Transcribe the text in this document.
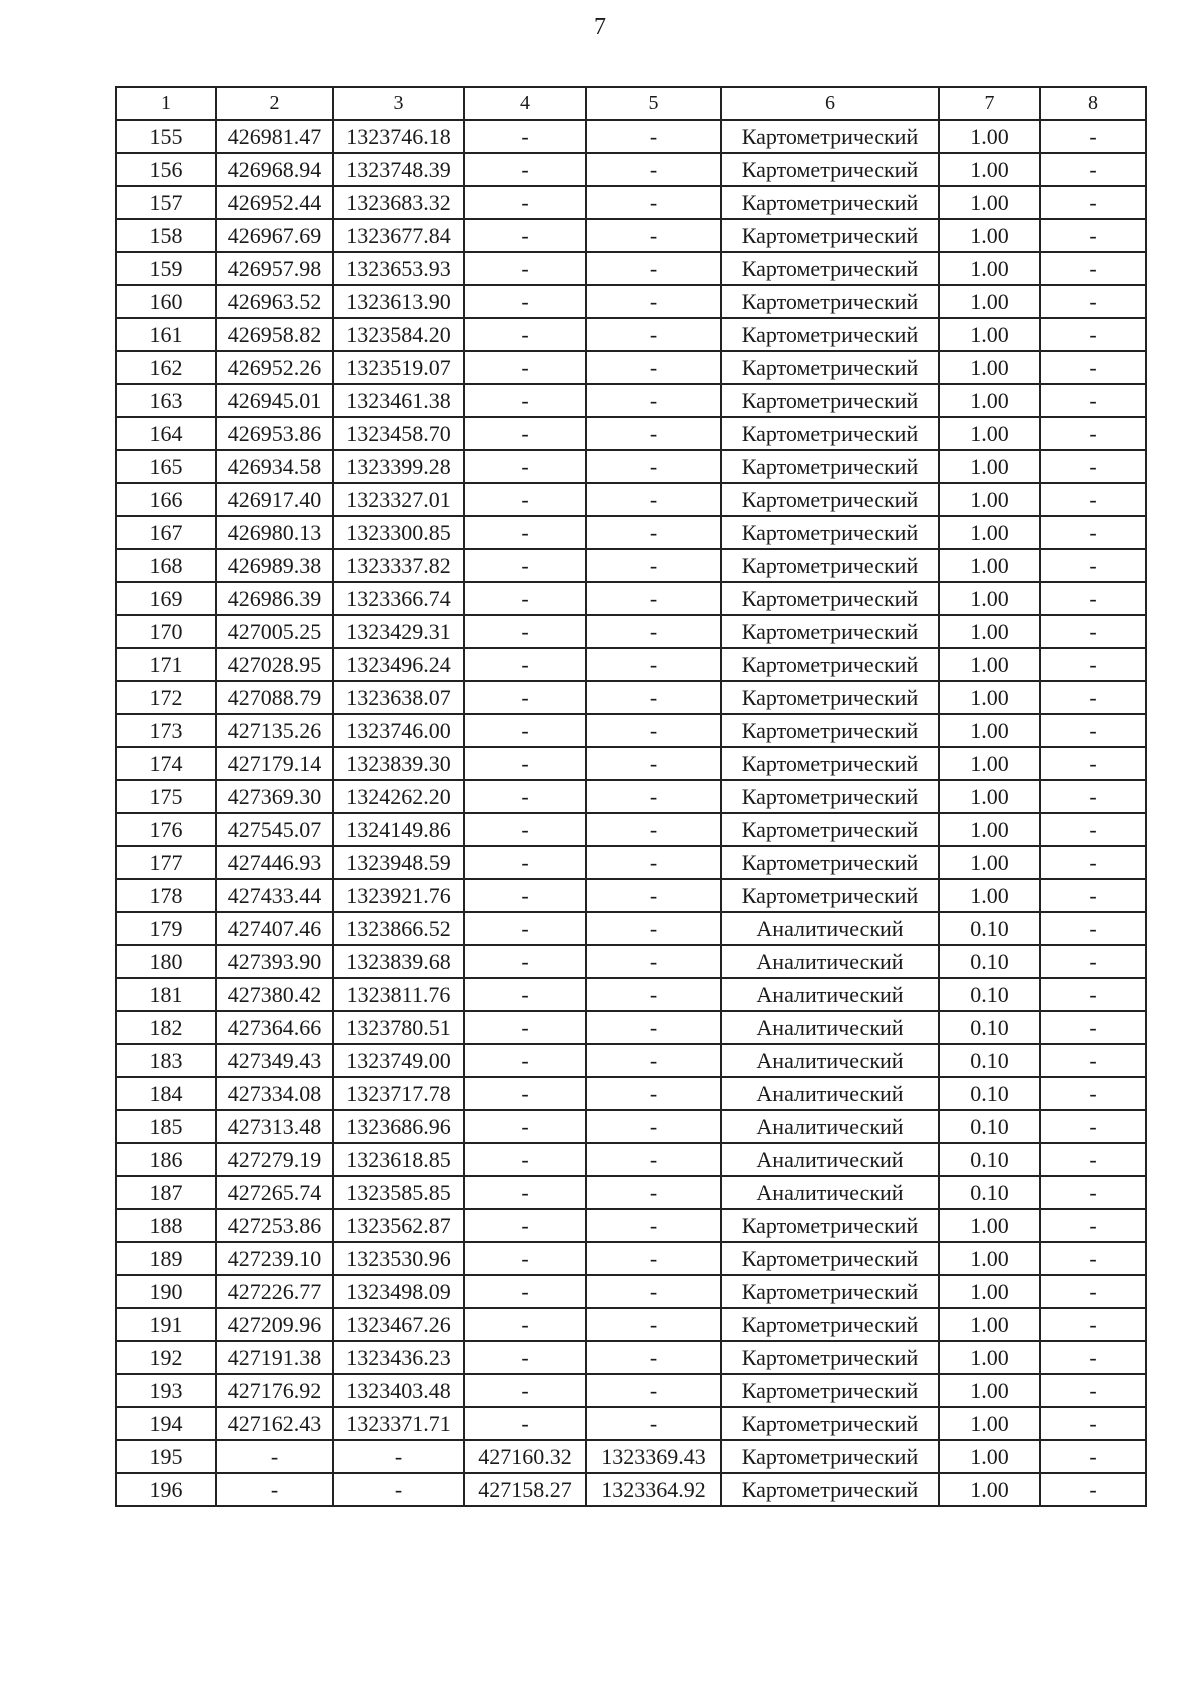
7
1	2	3	4	5	6	7	8
155	426981.47	1323746.18	-	-	Картометрический	1.00	-
156	426968.94	1323748.39	-	-	Картометрический	1.00	-
157	426952.44	1323683.32	-	-	Картометрический	1.00	-
158	426967.69	1323677.84	-	-	Картометрический	1.00	-
159	426957.98	1323653.93	-	-	Картометрический	1.00	-
160	426963.52	1323613.90	-	-	Картометрический	1.00	-
161	426958.82	1323584.20	-	-	Картометрический	1.00	-
162	426952.26	1323519.07	-	-	Картометрический	1.00	-
163	426945.01	1323461.38	-	-	Картометрический	1.00	-
164	426953.86	1323458.70	-	-	Картометрический	1.00	-
165	426934.58	1323399.28	-	-	Картометрический	1.00	-
166	426917.40	1323327.01	-	-	Картометрический	1.00	-
167	426980.13	1323300.85	-	-	Картометрический	1.00	-
168	426989.38	1323337.82	-	-	Картометрический	1.00	-
169	426986.39	1323366.74	-	-	Картометрический	1.00	-
170	427005.25	1323429.31	-	-	Картометрический	1.00	-
171	427028.95	1323496.24	-	-	Картометрический	1.00	-
172	427088.79	1323638.07	-	-	Картометрический	1.00	-
173	427135.26	1323746.00	-	-	Картометрический	1.00	-
174	427179.14	1323839.30	-	-	Картометрический	1.00	-
175	427369.30	1324262.20	-	-	Картометрический	1.00	-
176	427545.07	1324149.86	-	-	Картометрический	1.00	-
177	427446.93	1323948.59	-	-	Картометрический	1.00	-
178	427433.44	1323921.76	-	-	Картометрический	1.00	-
179	427407.46	1323866.52	-	-	Аналитический	0.10	-
180	427393.90	1323839.68	-	-	Аналитический	0.10	-
181	427380.42	1323811.76	-	-	Аналитический	0.10	-
182	427364.66	1323780.51	-	-	Аналитический	0.10	-
183	427349.43	1323749.00	-	-	Аналитический	0.10	-
184	427334.08	1323717.78	-	-	Аналитический	0.10	-
185	427313.48	1323686.96	-	-	Аналитический	0.10	-
186	427279.19	1323618.85	-	-	Аналитический	0.10	-
187	427265.74	1323585.85	-	-	Аналитический	0.10	-
188	427253.86	1323562.87	-	-	Картометрический	1.00	-
189	427239.10	1323530.96	-	-	Картометрический	1.00	-
190	427226.77	1323498.09	-	-	Картометрический	1.00	-
191	427209.96	1323467.26	-	-	Картометрический	1.00	-
192	427191.38	1323436.23	-	-	Картометрический	1.00	-
193	427176.92	1323403.48	-	-	Картометрический	1.00	-
194	427162.43	1323371.71	-	-	Картометрический	1.00	-
195	-	-	427160.32	1323369.43	Картометрический	1.00	-
196	-	-	427158.27	1323364.92	Картометрический	1.00	-
